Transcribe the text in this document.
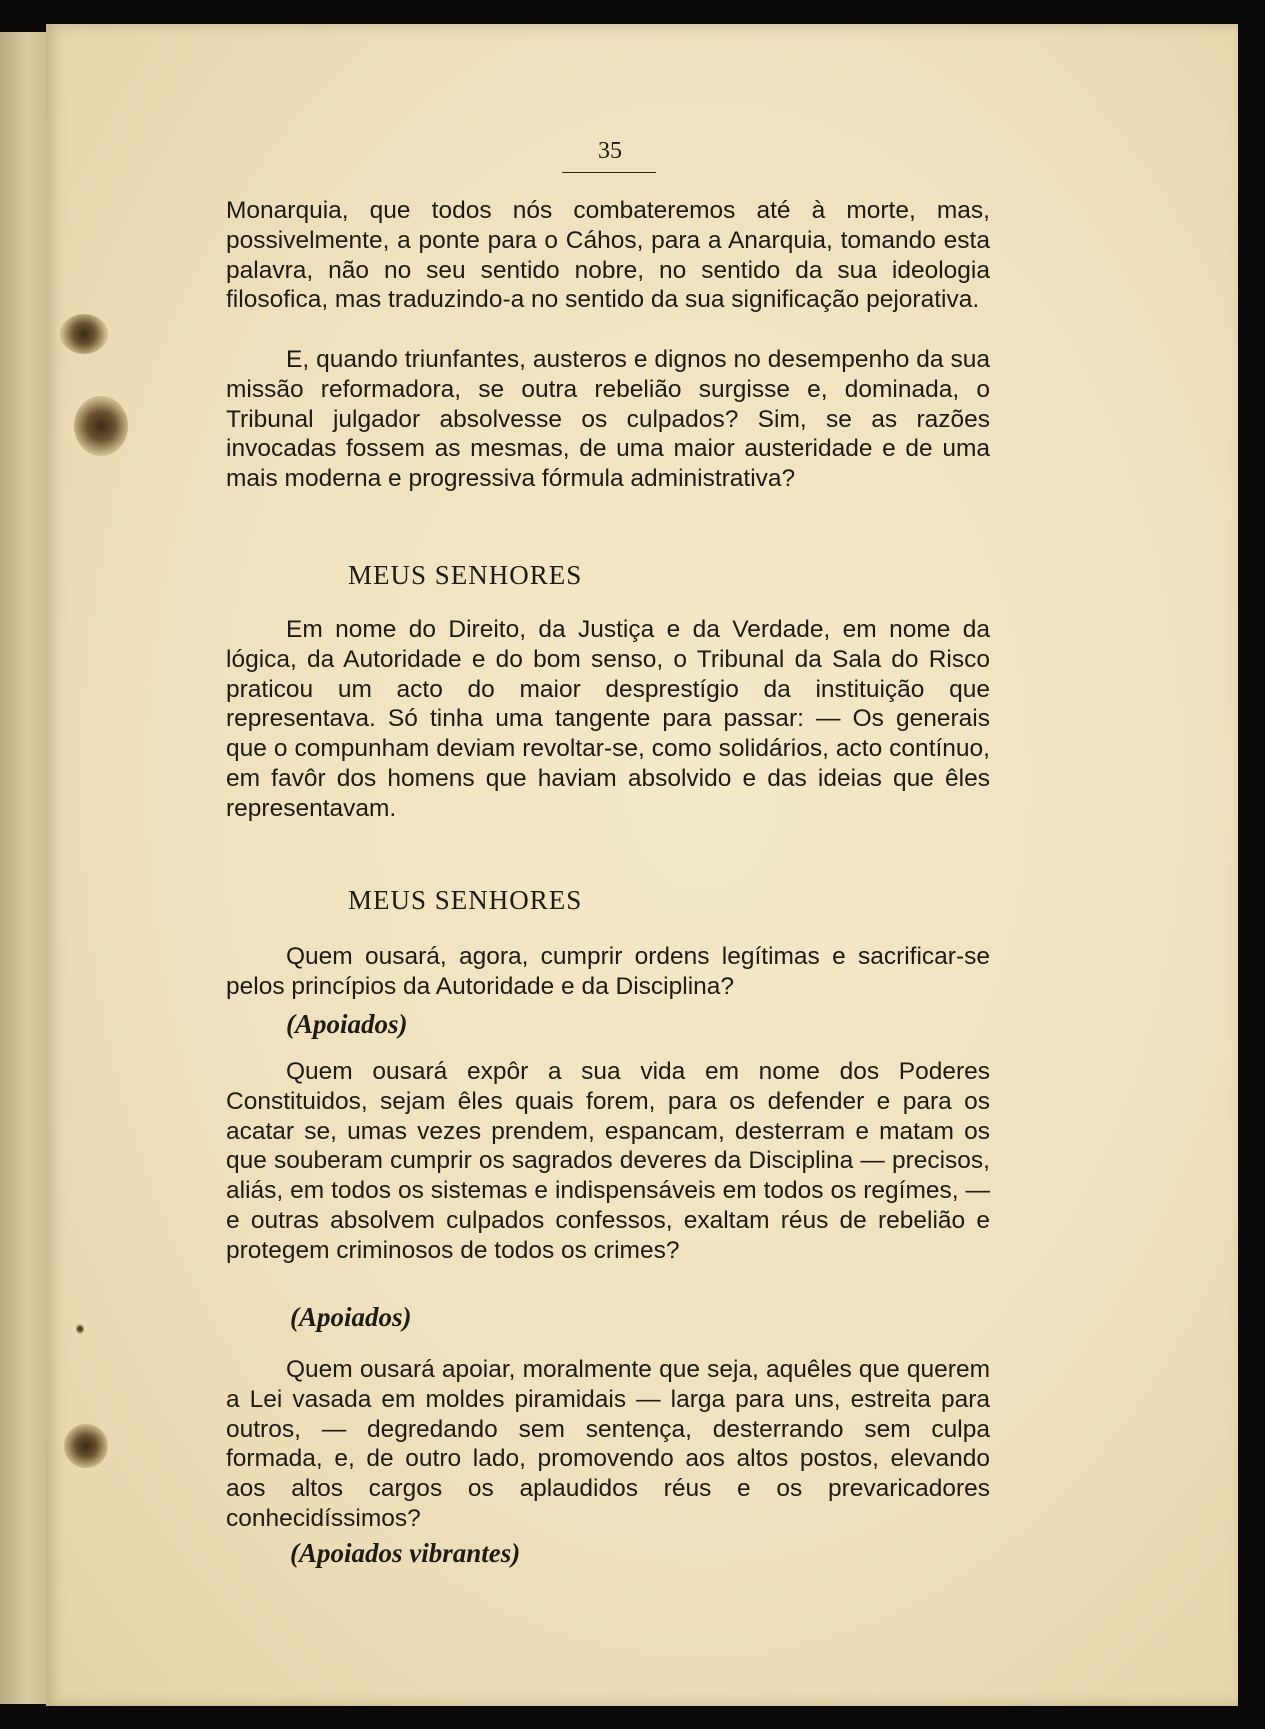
35

Monarquia, que todos nós combateremos até à morte, mas, possivelmente, a ponte para o Cáhos, para a Anarquia, tomando esta palavra, não no seu sentido nobre, no sentido da sua ideologia filosofica, mas traduzindo-a no sentido da sua significação pejorativa.

E, quando triunfantes, austeros e dignos no desempenho da sua missão reformadora, se outra rebelião surgisse e, dominada, o Tribunal julgador absolvesse os culpados? Sim, se as razões invocadas fossem as mesmas, de uma maior austeridade e de uma mais moderna e progressiva fórmula administrativa?

MEUS SENHORES

Em nome do Direito, da Justiça e da Verdade, em nome da lógica, da Autoridade e do bom senso, o Tribunal da Sala do Risco praticou um acto do maior desprestígio da instituição que representava. Só tinha uma tangente para passar: — Os generais que o compunham deviam revoltar-se, como solidários, acto contínuo, em favôr dos homens que haviam absolvido e das ideias que êles representavam.

MEUS SENHORES

Quem ousará, agora, cumprir ordens legítimas e sacrificar-se pelos princípios da Autoridade e da Disciplina?

(Apoiados)

Quem ousará expôr a sua vida em nome dos Poderes Constituidos, sejam êles quais forem, para os defender e para os acatar se, umas vezes prendem, espancam, desterram e matam os que souberam cumprir os sagrados deveres da Disciplina — precisos, aliás, em todos os sistemas e indispensáveis em todos os regímes, — e outras absolvem culpados confessos, exaltam réus de rebelião e protegem criminosos de todos os crimes?

(Apoiados)

Quem ousará apoiar, moralmente que seja, aquêles que querem a Lei vasada em moldes piramidais — larga para uns, estreita para outros, — degredando sem sentença, desterrando sem culpa formada, e, de outro lado, promovendo aos altos postos, elevando aos altos cargos os aplaudidos réus e os prevaricadores conhecidíssimos?

(Apoiados vibrantes)
